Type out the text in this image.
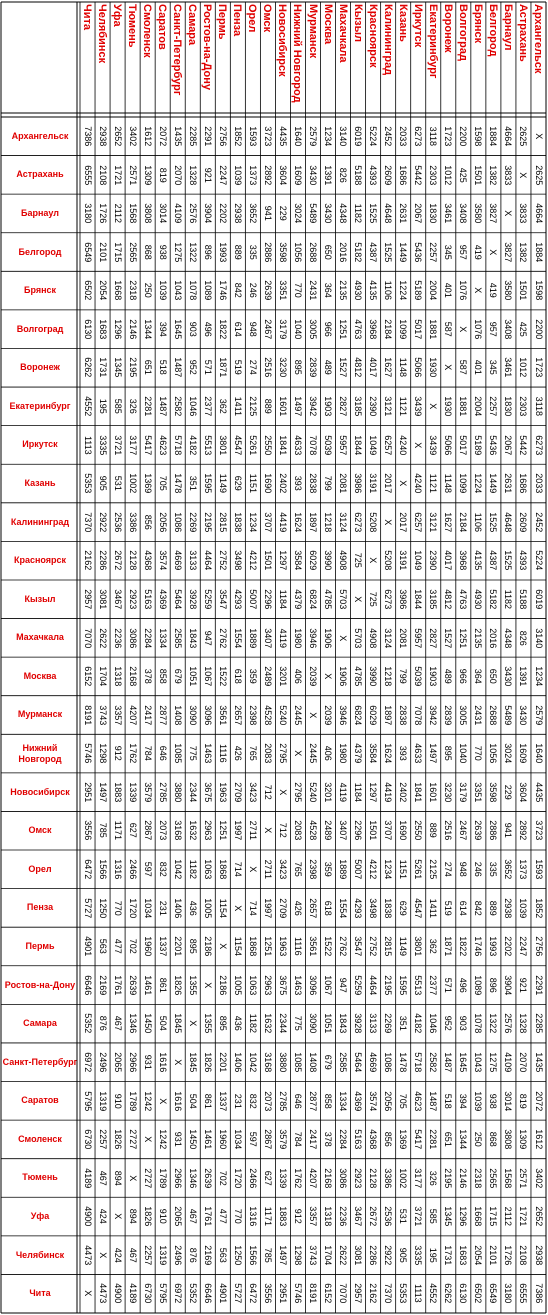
Архангельск
Астрахань
Барнаул
Белгород
Брянск
Волгоград
Воронеж
Екатеринбург
Иркутск
Казань
Калининград
Красноярск
Кызыл
Махачкала
Москва
Мурманск
Нижний Новгород
Новосибирск
Омск
Орел
Пенза
Пермь
Ростов-на-Дону
Самара
Санкт-Петербург
Саратов
Смоленск
Тюмень
Уфа
Челябинск
Чита
Архангельск
Астрахань
Барнаул
Белгород
Брянск
Волгоград
Воронеж
Екатеринбург
Иркутск
Казань
Калининград
Красноярск
Кызыл
Махачкала
Москва
Мурманск
Нижний Новгород
Новосибирск
Омск
Орел
Пенза
Пермь
Ростов-на-Дону
Самара
Санкт-Петербург
Саратов
Смоленск
Тюмень
Уфа
Челябинск
Чита
X
2625
4664
1884
1598
2200
1723
3118
6273
2033
2452
5224
6019
3140
1234
2579
1640
4435
3723
1593
1852
2756
2291
2285
1435
2072
1612
3402
2652
2938
7386
2625
X
3833
1382
1501
425
1012
2303
5442
1686
2609
4393
5188
826
1391
3430
1609
3604
2892
1373
1039
2247
921
1328
2070
819
1309
2571
1721
2108
6555
4664
3833
X
3827
3580
3408
3461
1830
2067
2631
4648
1525
1182
4348
3430
5489
3024
229
941
3652
2938
2202
3904
2576
4109
3014
3808
1568
2112
1726
3180
1884
1382
3827
X
419
957
345
2257
5436
1449
1525
4387
5182
2016
650
2688
1056
3598
2886
335
889
1993
896
1322
1275
938
868
2565
1715
2101
6549
1598
1501
3580
419
X
1076
401
2004
5189
1224
1106
4135
4930
2135
364
2431
770
3351
2639
246
842
1746
1089
1078
1043
1039
250
2318
1668
2054
6502
2200
425
3408
957
1076
X
587
1881
5017
1099
2184
3968
4763
1251
966
3005
1040
3179
2467
948
614
1822
496
903
1645
394
1344
2146
1296
1683
6130
1723
1012
3461
345
401
587
X
1930
5066
1148
1627
4017
4812
1527
489
2839
895
3230
2516
274
519
1871
571
952
1487
518
651
2195
1345
1731
6262
3118
2303
1830
2257
2004
1881
1930
X
3439
1121
3121
2390
3185
2827
1903
3942
1497
1601
889
2125
1411
362
2377
1046
2582
1487
2281
326
585
195
4552
6273
5442
2067
5436
5189
5017
5066
3439
X
4240
6257
1049
1844
5957
5039
7078
4633
1841
2550
5261
4547
3801
5513
4182
5718
4623
5417
3177
3721
3335
1113
2033
1686
2631
1449
1224
1099
1148
1121
4240
X
2017
3191
3986
2081
799
2838
393
2402
1690
1151
629
1149
1595
351
1478
705
1369
1002
531
905
5353
2452
2609
4648
1525
1106
2184
1627
3121
6257
2017
X
5208
6273
3124
1218
1897
1624
4419
3707
1234
1838
2815
2195
2269
1086
2056
856
3386
2536
2922
7370
5224
4393
1525
4387
4135
3968
4017
2390
1049
3191
5208
X
725
4908
3990
6029
3584
1297
1501
4212
3498
2752
4464
3133
4669
3574
4368
2128
2672
2286
2162
6019
5188
1182
5182
4930
4763
4812
3185
1844
3986
6273
725
X
5703
4785
6824
4379
1184
2296
5007
4293
3547
5259
3928
5464
4369
5163
2923
3467
3081
2957
3140
826
4348
2016
2135
1251
1527
2827
5957
2081
3124
4908
5703
X
1906
3946
1980
4119
3407
1889
1554
2762
947
1843
2585
1334
2284
3086
2236
2622
7070
1234
1391
3430
650
364
966
489
1903
5039
799
1218
3990
4785
1906
X
2039
406
3201
2489
359
618
1522
1067
1051
679
858
378
2168
1318
1704
6152
2579
3430
5489
2688
2431
3005
2839
3942
7078
2838
1897
6029
6824
3946
2039
X
2445
5240
4528
2398
2657
3561
3096
3090
1408
2877
2417
4207
3357
3743
8191
1640
1609
3024
1056
770
1040
895
1497
4633
393
1624
3584
4379
1980
406
2445
X
2795
2083
765
426
1116
1463
775
1085
646
784
1762
912
1298
5746
4435
3604
229
3598
3351
3179
3230
1601
1841
2402
4419
1297
1184
4119
3201
5240
2795
X
712
3423
2709
1963
3675
2344
3880
2785
3579
1339
1883
1497
2951
3723
2892
941
2886
2639
2467
2516
889
2550
1690
3707
1501
2296
3407
2489
4528
2083
712
X
2711
1997
1251
2963
1632
3168
2073
2867
627
1171
785
3556
1593
1373
3652
335
246
948
274
2125
5261
1151
1234
4212
5007
1889
359
2398
765
3423
2711
X
714
1868
1063
1182
1042
832
597
2466
1316
1566
6472
1852
1039
2938
889
842
614
519
1411
4547
629
1838
3498
4293
1554
618
2657
426
2709
1997
714
X
1154
1005
436
1406
231
1034
1720
770
1250
5727
2756
2247
2202
1993
1746
1822
1871
362
3801
1149
2815
2752
3547
2762
1522
3561
1116
1963
1251
1868
1154
X
2186
895
2201
1337
1960
702
477
563
4901
2291
921
3904
896
1089
496
571
2377
5513
1595
2195
4464
5259
947
1067
3096
1463
3675
2963
1063
1005
2186
X
1355
1826
861
1461
2639
1761
2169
6646
2285
1328
2576
1322
1078
903
952
1046
4182
351
2269
3133
3928
1843
1051
3090
775
2344
1632
1182
436
895
1355
X
1845
504
1450
1346
467
876
5352
1435
2070
4109
1275
1043
1645
1487
2582
5718
1478
1086
4669
5464
2585
679
1408
1085
3880
3168
1042
1406
2201
1826
1845
X
1616
931
2966
2065
2496
6972
2072
819
3014
938
1039
394
518
1487
4623
705
2056
3574
4369
1334
858
2877
646
2785
2073
832
231
1337
861
504
1616
X
1242
1789
910
1319
5795
1612
1309
3808
868
250
1344
651
2281
5417
1369
856
4368
5163
2284
378
2417
784
3579
2867
597
1034
1960
1461
1450
931
1242
X
2727
1826
2257
6730
3402
2571
1568
2565
2318
2146
2195
326
3177
1002
3386
2128
2923
3086
2168
4207
1762
1339
627
2466
1720
702
2639
1346
2966
1789
2727
X
894
467
4189
2652
1721
2112
1715
1668
1296
1345
585
3721
531
2536
2672
3467
2236
1318
3357
912
1883
1171
1316
770
477
1761
467
2065
910
1826
894
X
424
4900
2938
2108
1726
2101
2054
1683
1731
195
3335
905
2922
2286
3081
2622
1704
3743
1298
1497
785
1566
1250
563
2169
876
2496
1319
2257
467
424
X
4473
7386
6555
3180
6549
6502
6130
6262
4552
1113
5353
7370
2162
2957
7070
6152
8191
5746
2951
3556
6472
5727
4901
6646
5352
6972
5795
6730
4189
4900
4473
X
